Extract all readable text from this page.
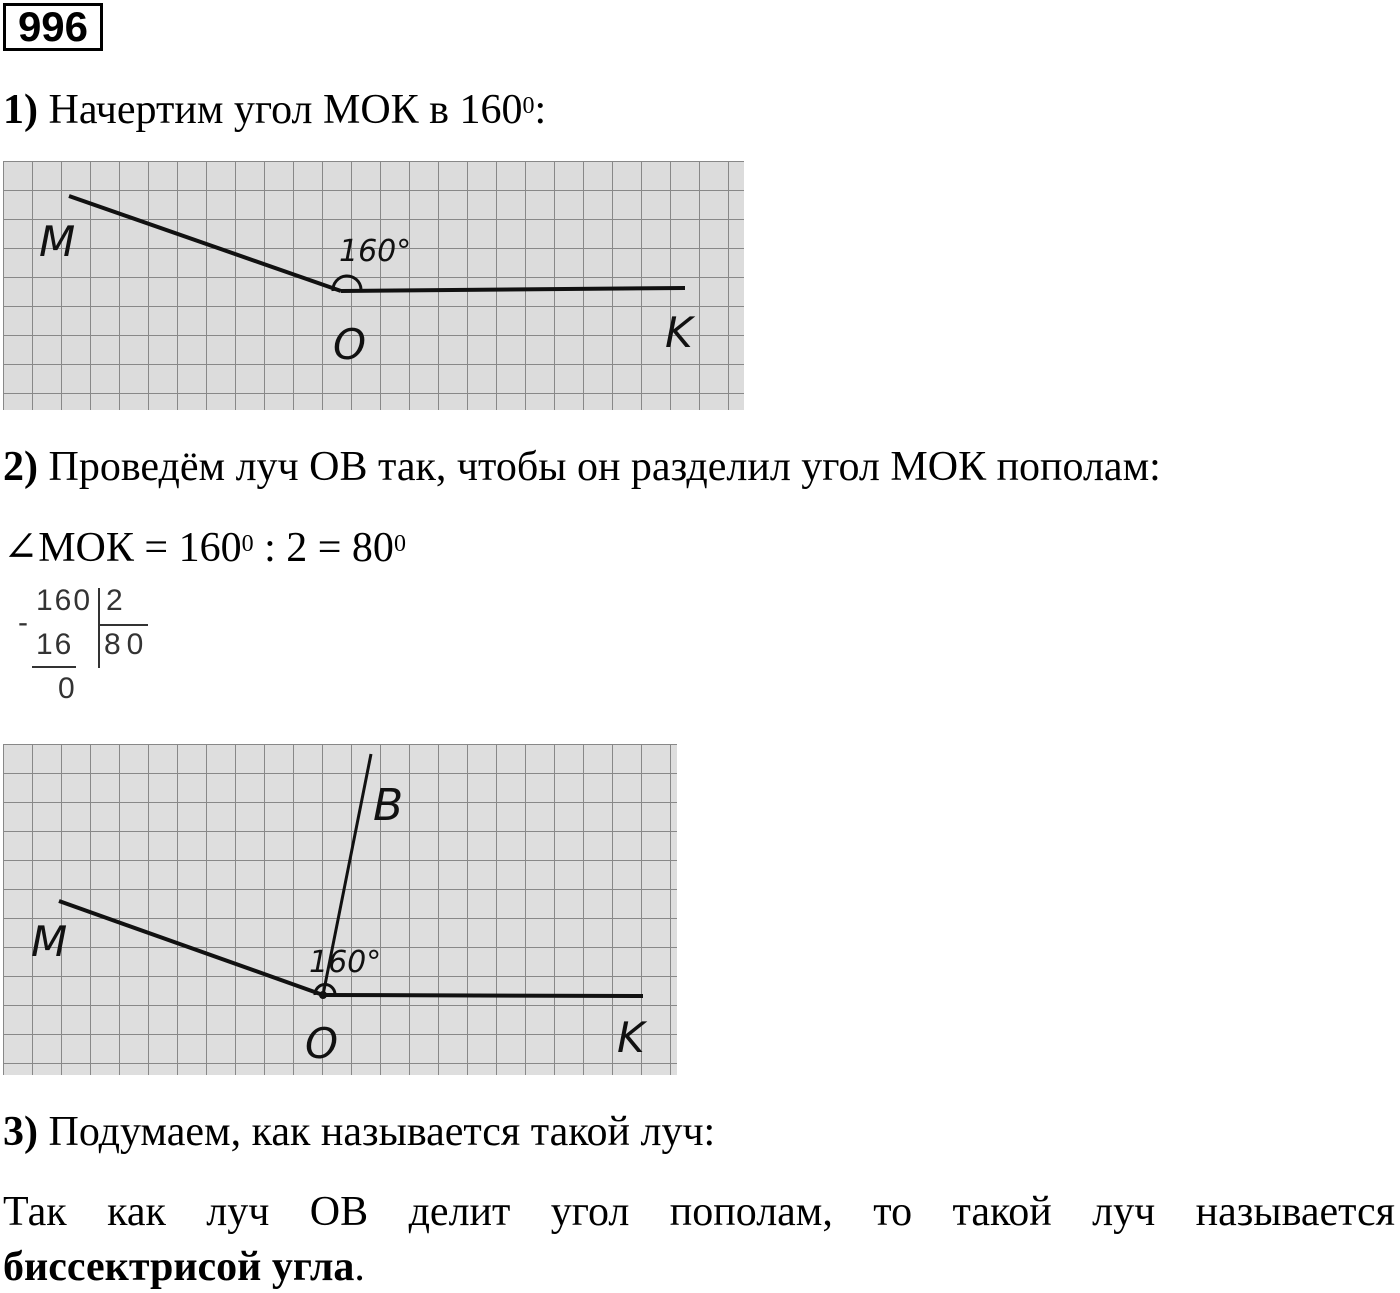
996
1) Начертим угол МОК в $160^0$:
M
O	K
160°
2) Проведём луч ОВ так, чтобы он разделил угол МОК пополам:
∠МОК = $160^0$ : $2 = 80^0$
-
160 2
16 80
0
M
O	K
B
160°
3) Подумаем, как называется такой луч:
Так как луч ОВ делит угол пополам, то такой луч называется
биссектрисой угла.
